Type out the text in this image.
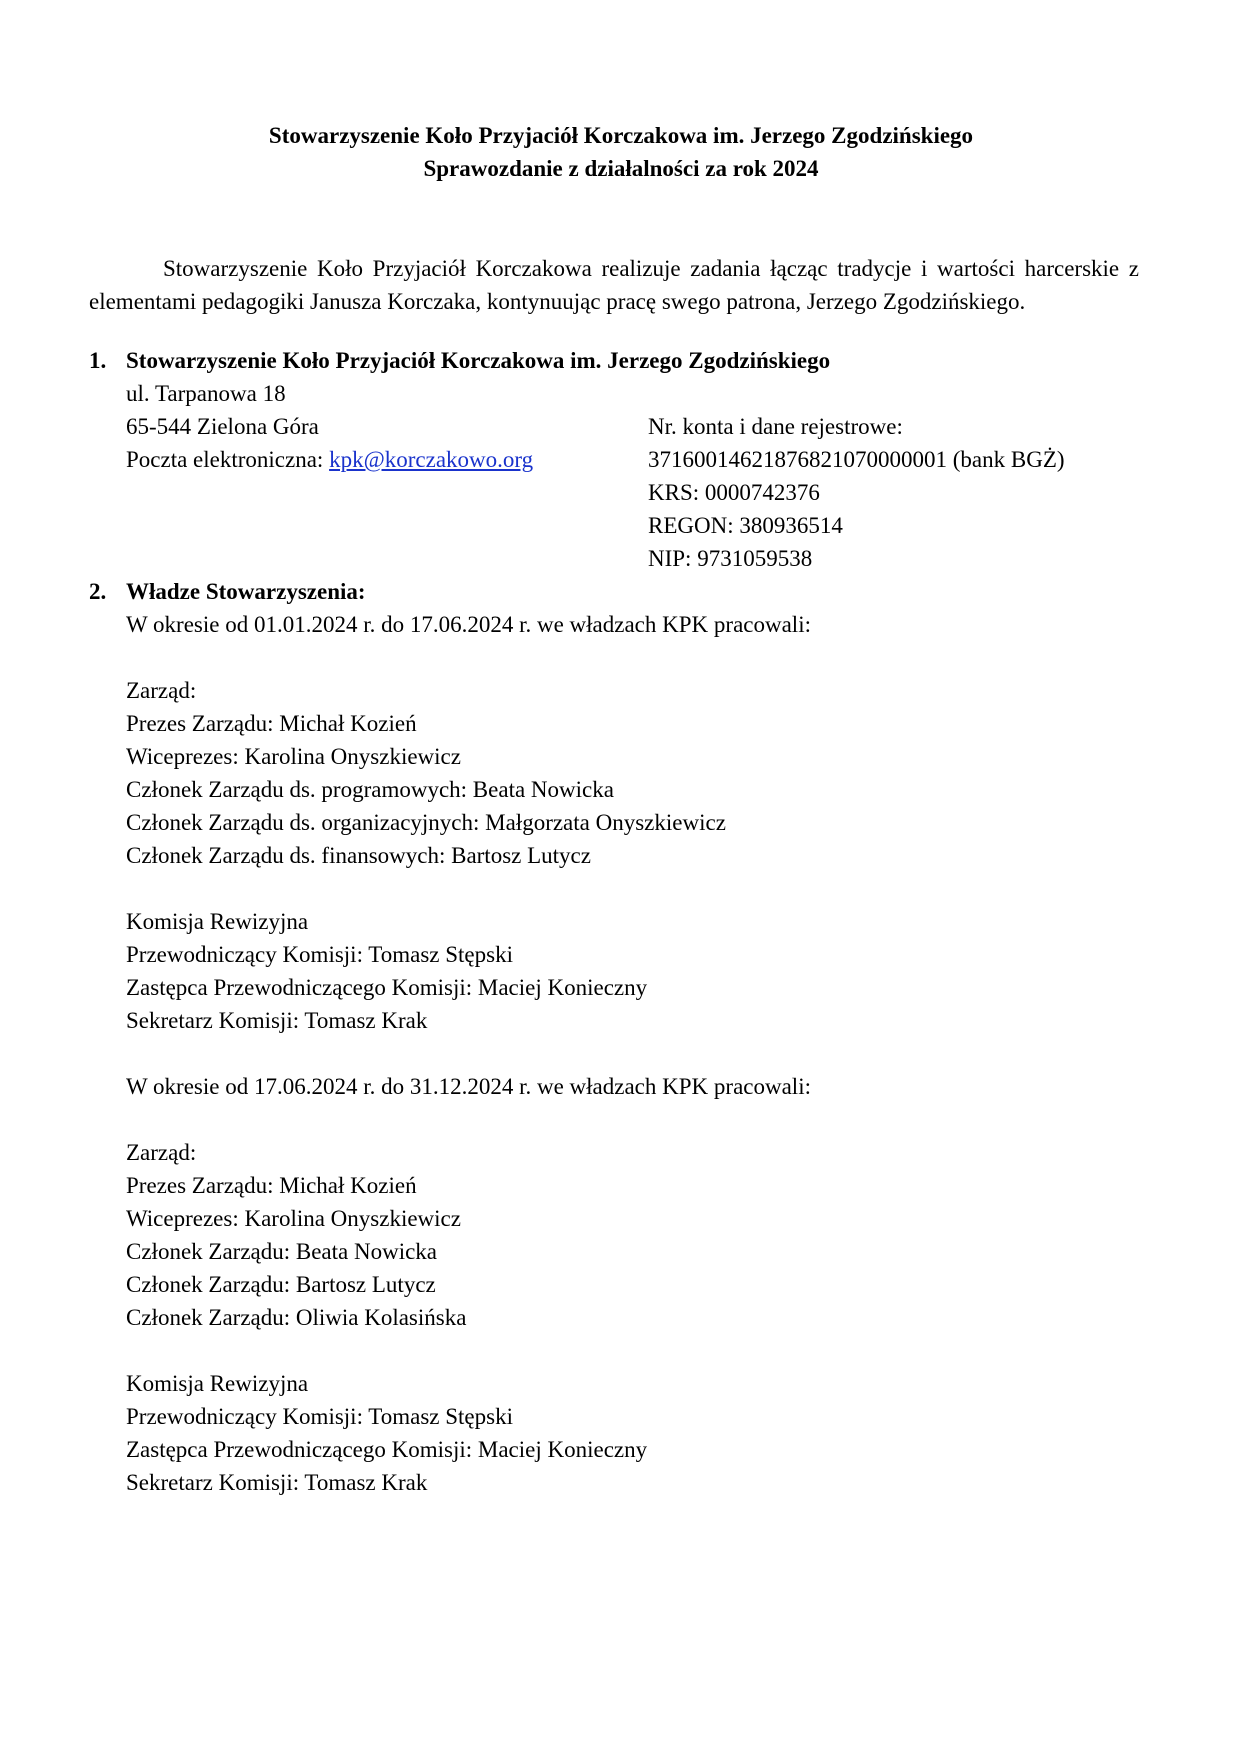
Stowarzyszenie Koło Przyjaciół Korczakowa im. Jerzego Zgodzińskiego
Sprawozdanie z działalności za rok 2024
Stowarzyszenie Koło Przyjaciół Korczakowa realizuje zadania łącząc tradycje i wartości harcerskie z elementami pedagogiki Janusza Korczaka, kontynuując pracę swego patrona, Jerzego Zgodzińskiego.
1. Stowarzyszenie Koło Przyjaciół Korczakowa im. Jerzego Zgodzińskiego
ul. Tarpanowa 18
65-544 Zielona Góra
Poczta elektroniczna: kpk@korczakowo.org
Nr. konta i dane rejestrowe:
37160014621876821070000001 (bank BGŻ)
KRS: 0000742376
REGON: 380936514
NIP: 9731059538
2. Władze Stowarzyszenia:
W okresie od 01.01.2024 r. do 17.06.2024 r. we władzach KPK pracowali:
Zarząd:
Prezes Zarządu: Michał Kozień
Wiceprezes: Karolina Onyszkiewicz
Członek Zarządu ds. programowych: Beata Nowicka
Członek Zarządu ds. organizacyjnych: Małgorzata Onyszkiewicz
Członek Zarządu ds. finansowych: Bartosz Lutycz
Komisja Rewizyjna
Przewodniczący Komisji: Tomasz Stępski
Zastępca Przewodniczącego Komisji: Maciej Konieczny
Sekretarz Komisji: Tomasz Krak
W okresie od 17.06.2024 r. do 31.12.2024 r. we władzach KPK pracowali:
Zarząd:
Prezes Zarządu: Michał Kozień
Wiceprezes: Karolina Onyszkiewicz
Członek Zarządu: Beata Nowicka
Członek Zarządu: Bartosz Lutycz
Członek Zarządu: Oliwia Kolasińska
Komisja Rewizyjna
Przewodniczący Komisji: Tomasz Stępski
Zastępca Przewodniczącego Komisji: Maciej Konieczny
Sekretarz Komisji: Tomasz Krak
